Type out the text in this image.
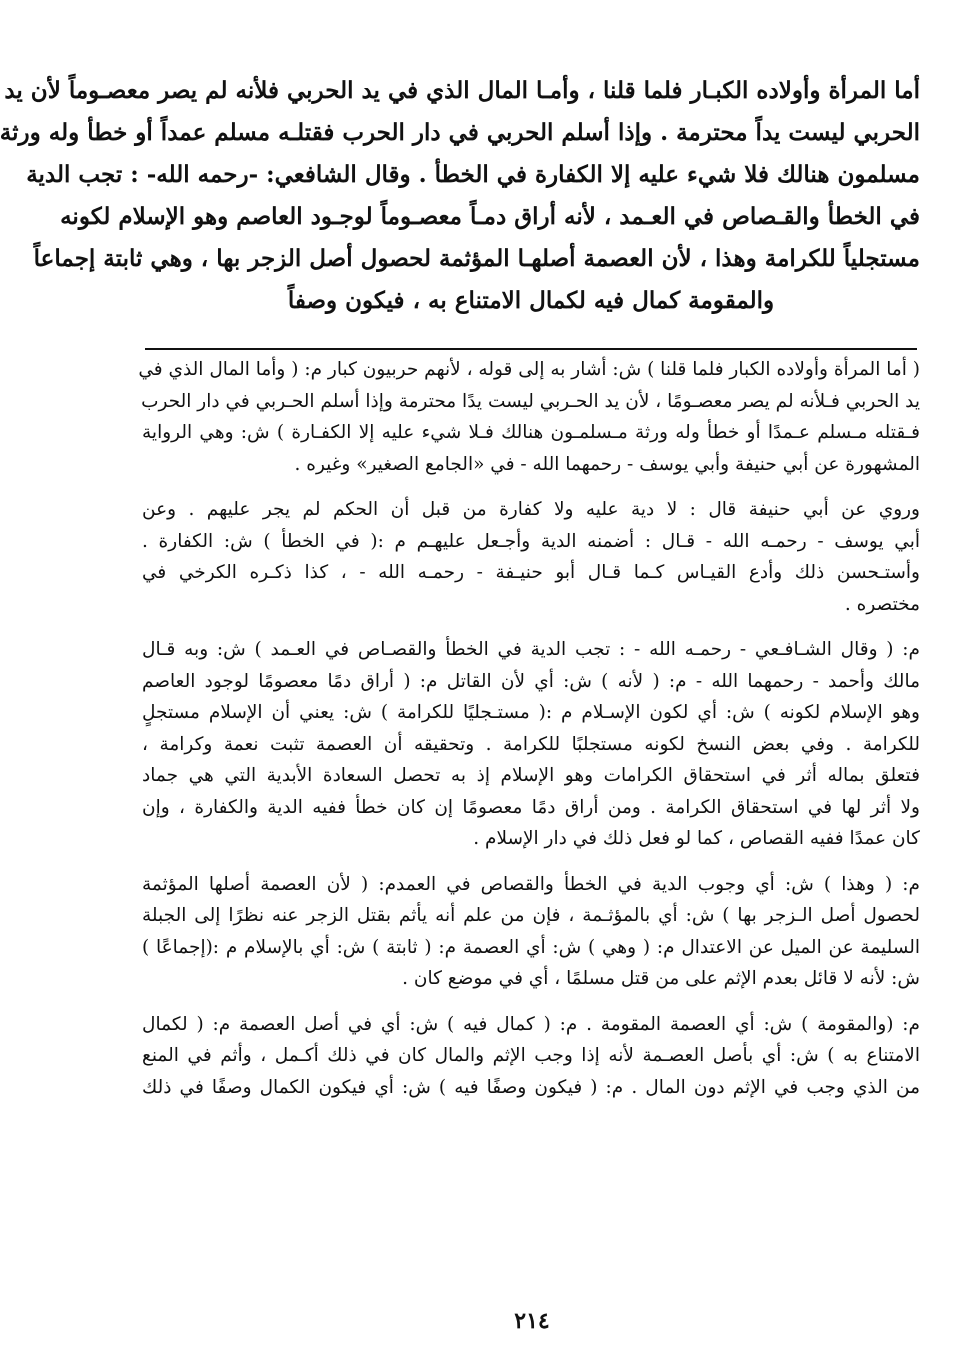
أما المرأة وأولاده الكبـار فلما قلنا ، وأمـا المال الذي في يد الحربي فلأنه لم يصر معصـوماً لأن يد
الحربي ليست يداً محترمة . وإذا أسلم الحربي في دار الحرب فقتلـه مسلم عمداً أو خطأ وله ورثة
مسلمون هنالك فلا شيء عليه إلا الكفارة في الخطأ . وقال الشافعي: -رحمه الله- : تجب الدية
في الخطأ والقـصاص في العـمد ، لأنه أراق دمـاً معصـوماً لوجـود العاصم وهو الإسلام لكونه
مستجلياً للكرامة وهذا ، لأن العصمة أصلهـا المؤثمة لحصول أصل الزجر بها ، وهي ثابتة إجماعاً
والمقومة كمال فيه لكمال الامتناع به ، فيكون وصفاً
( أما المرأة وأولاده الكبار فلما قلنا ) ش: أشار به إلى قوله ، لأنهم حربيون كبار م: ( وأما المال الذي في
يد الحربي فـلأنه لم يصر معصـومًا ، لأن يد الحـربي ليست يدًا محترمة وإذا أسلم الحـربي في دار الحرب
فـقتله مـسلم عـمدًا أو خطأ وله ورثة مـسلمـون هنالك فـلا شيء عليه إلا الكفـارة ) ش: وهي الرواية
المشهورة عن أبي حنيفة وأبي يوسف - رحمهما الله - في «الجامع الصغير» وغيره .
وروي عن أبي حنيفة قال : لا دية عليه ولا كفارة من قبل أن الحكم لم يجر عليهم . وعن
أبي يوسف - رحمـه الله - قـال : أضمنه الدية وأجـعل عليهـم م :( في الخطأ ) ش: الكفارة .
وأستـحسن ذلك وأدع القيـاس كـما قـال أبو حنيـفة - رحمـه الله - ، كذا ذكـره الكرخي في
مختصره .
م: ( وقال الشـافـعي - رحمـه الله - : تجب الدية في الخطأ والقصـاص في العـمد ) ش: وبه قـال
مالك وأحمد - رحمهما الله - م: ( لأنه ) ش: أي لأن القاتل م: ( أراق دمًا معصومًا لوجود العاصم
وهو الإسلام لكونه ) ش: أي لكون الإسـلام م :( مستـجليًا للكرامة ) ش: يعني أن الإسلام مستجلٍ
للكرامة . وفي بعض النسخ لكونه مستجلبًا للكرامة . وتحقيقه أن العصمة تثبت نعمة وكرامة ،
فتعلق بماله أثر في استحقاق الكرامات وهو الإسلام إذ به تحصل السعادة الأبدية التي هي جماد
ولا أثر لها في استحقاق الكرامة . ومن أراق دمًا معصومًا إن كان خطأ ففيه الدية والكفارة ، وإن
كان عمدًا ففيه القصاص ، كما لو فعل ذلك في دار الإسلام .
م: ( وهذا ) ش: أي وجوب الدية في الخطأ والقصاص في العمدم: ( لأن العصمة أصلها المؤثمة
لحصول أصل الـزجر بها ) ش: أي بالمؤثـمة ، فإن من علم أنه يأثم بقتل الزجر عنه نظرًا إلى الجبلة
السليمة عن الميل عن الاعتدال م: ( وهي ) ش: أي العصمة م: ( ثابتة ) ش: أي بالإسلام م :(إجماعًا )
ش: لأنه لا قائل بعدم الإثم على من قتل مسلمًا ، أي في موضع كان .
م: (والمقومة ) ش: أي العصمة المقومة . م: ( كمال فيه ) ش: أي في أصل العصمة م: ( لكمال
الامتناع به ) ش: أي بأصل العصـمة لأنه إذا وجب الإثم والمال كان في ذلك أكـمل ، وأثم في المنع
من الذي وجب في الإثم دون المال . م: ( فيكون وصفًا فيه ) ش: أي فيكون الكمال وصفًا في ذلك
٢١٤
